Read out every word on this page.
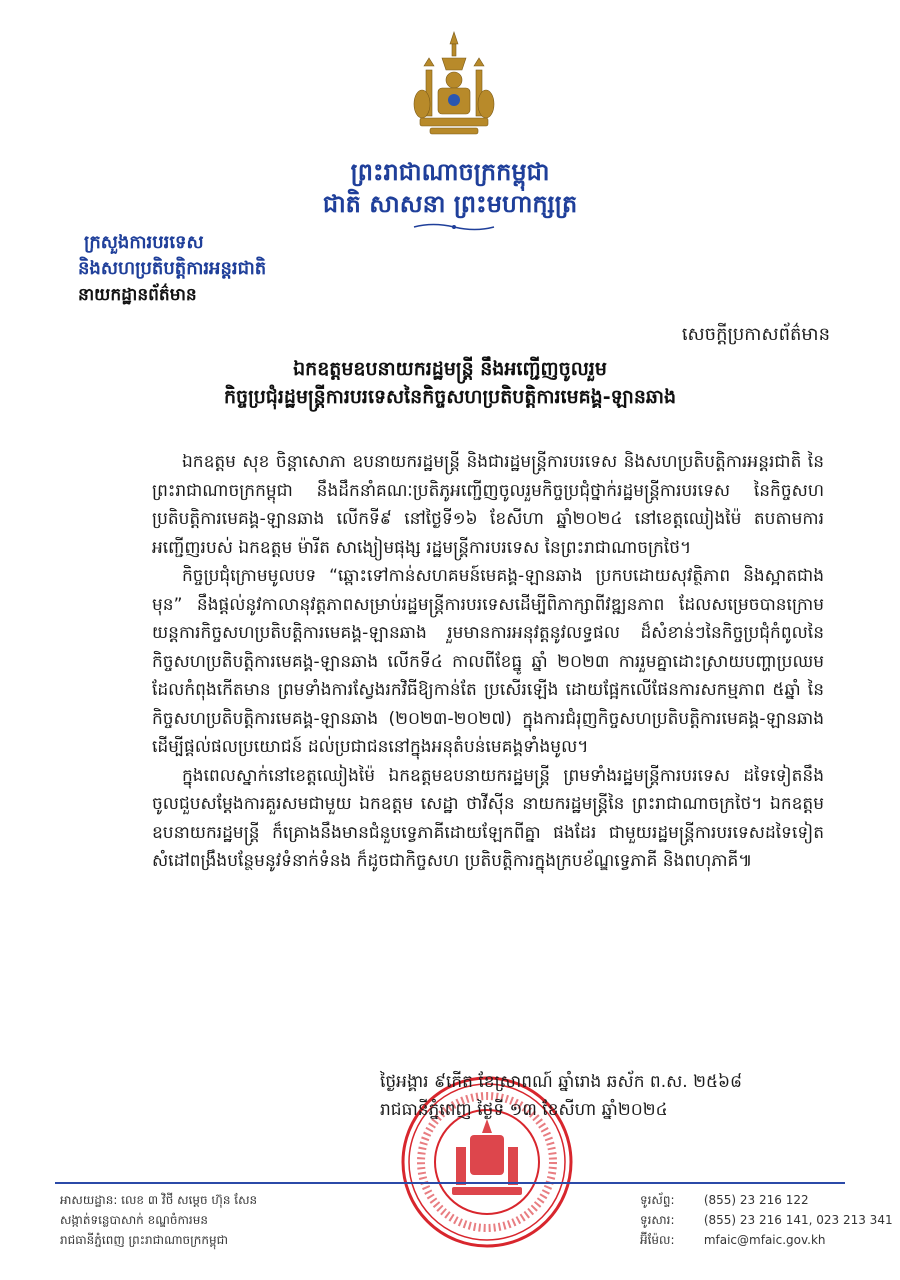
ព្រះរាជាណាចក្រកម្ពុជា
ជាតិ សាសនា ព្រះមហាក្សត្រ
ក្រសួងការបរទេស
និងសហប្រតិបត្តិការអន្តរជាតិ
នាយកដ្ឋានព័ត៌មាន
សេចក្តីប្រកាសព័ត៌មាន
ឯកឧត្តមឧបនាយករដ្ឋមន្ត្រី នឹងអញ្ជើញចូលរួម
កិច្ចប្រជុំរដ្ឋមន្ត្រីការបរទេសនៃកិច្ចសហប្រតិបត្តិការមេគង្គ-ឡានឆាង

ឯកឧត្តម សុខ ចិន្តាសោភា ឧបនាយករដ្ឋមន្ត្រី និងជារដ្ឋមន្ត្រីការបរទេស និងសហប្រតិបត្តិការអន្តរជាតិ នៃព្រះរាជាណាចក្រកម្ពុជា នឹងដឹកនាំគណៈប្រតិភូអញ្ជើញចូលរួមកិច្ចប្រជុំថ្នាក់រដ្ឋមន្ត្រីការបរទេស នៃកិច្ចសហប្រតិបត្តិការមេគង្គ-ឡានឆាង លើកទី៩ នៅថ្ងៃទី១៦ ខែសីហា ឆ្នាំ២០២៤ នៅខេត្តឈៀងម៉ៃ តបតាមការអញ្ជើញរបស់ ឯកឧត្តម ម៉ារីត សាង្យៀមផុង្ស រដ្ឋមន្ត្រីការបរទេស នៃព្រះរាជាណាចក្រថៃ។

កិច្ចប្រជុំក្រោមមូលបទ “ឆ្ពោះទៅកាន់សហគមន៍មេគង្គ-ឡានឆាង ប្រកបដោយសុវត្ថិភាព និងស្អាតជាងមុន” នឹងផ្តល់នូវកាលានុវត្តភាពសម្រាប់រដ្ឋមន្ត្រីការបរទេសដើម្បីពិភាក្សាពីវឌ្ឍនភាព ដែលសម្រេចបានក្រោមយន្តការកិច្ចសហប្រតិបត្តិការមេគង្គ-ឡានឆាង រួមមានការអនុវត្តនូវលទ្ធផល ដ៏សំខាន់ៗនៃកិច្ចប្រជុំកំពូលនៃកិច្ចសហប្រតិបត្តិការមេគង្គ-ឡានឆាង លើកទី៤ កាលពីខែធ្នូ ឆ្នាំ ២០២៣ ការរួមគ្នាដោះស្រាយបញ្ហាប្រឈមដែលកំពុងកើតមាន ព្រមទាំងការស្វែងរកវិធីឱ្យកាន់តែ ប្រសើរឡើង ដោយផ្អែកលើផែនការសកម្មភាព ៥ឆ្នាំ នៃកិច្ចសហប្រតិបត្តិការមេគង្គ-ឡានឆាង (២០២៣-២០២៧) ក្នុងការជំរុញកិច្ចសហប្រតិបត្តិការមេគង្គ-ឡានឆាង ដើម្បីផ្តល់ផលប្រយោជន៍ ដល់ប្រជាជននៅក្នុងអនុតំបន់មេគង្គទាំងមូល។

ក្នុងពេលស្នាក់នៅខេត្តឈៀងម៉ៃ ឯកឧត្តមឧបនាយករដ្ឋមន្ត្រី ព្រមទាំងរដ្ឋមន្ត្រីការបរទេស ដទៃទៀតនឹងចូលជួបសម្តែងការគួរសមជាមួយ ឯកឧត្តម សេដ្ឋា ថាវីស៊ីន នាយករដ្ឋមន្ត្រីនៃ ព្រះរាជាណាចក្រថៃ។ ឯកឧត្តមឧបនាយករដ្ឋមន្ត្រី ក៏គ្រោងនឹងមានជំនួបទ្វេភាគីដោយឡែកពីគ្នា ផងដែរ ជាមួយរដ្ឋមន្ត្រីការបរទេសដទៃទៀត សំដៅពង្រឹងបន្ថែមនូវទំនាក់ទំនង ក៏ដូចជាកិច្ចសហ ប្រតិបត្តិការក្នុងក្របខ័ណ្ឌទ្វេភាគី និងពហុភាគី៕

ថ្ងៃអង្គារ ៩កើត ខែស្រាពណ៍ ឆ្នាំរោង ឆស័ក ព.ស. ២៥៦៨
រាជធានីភ្នំពេញ ថ្ងៃទី ១៣ ខែសីហា ឆ្នាំ២០២៤
អាសយដ្ឋាន: លេខ ៣ វិថី សម្តេច ហ៊ុន សែន
សង្កាត់ទន្លេបាសាក់ ខណ្ឌចំការមន
រាជធានីភ្នំពេញ ព្រះរាជាណាចក្រកម្ពុជា
ទូរស័ព្ទ: (855) 23 216 122
ទូរសារ: (855) 23 216 141, 023 213 341
អ៊ីម៉ែល: mfaic@mfaic.gov.kh
